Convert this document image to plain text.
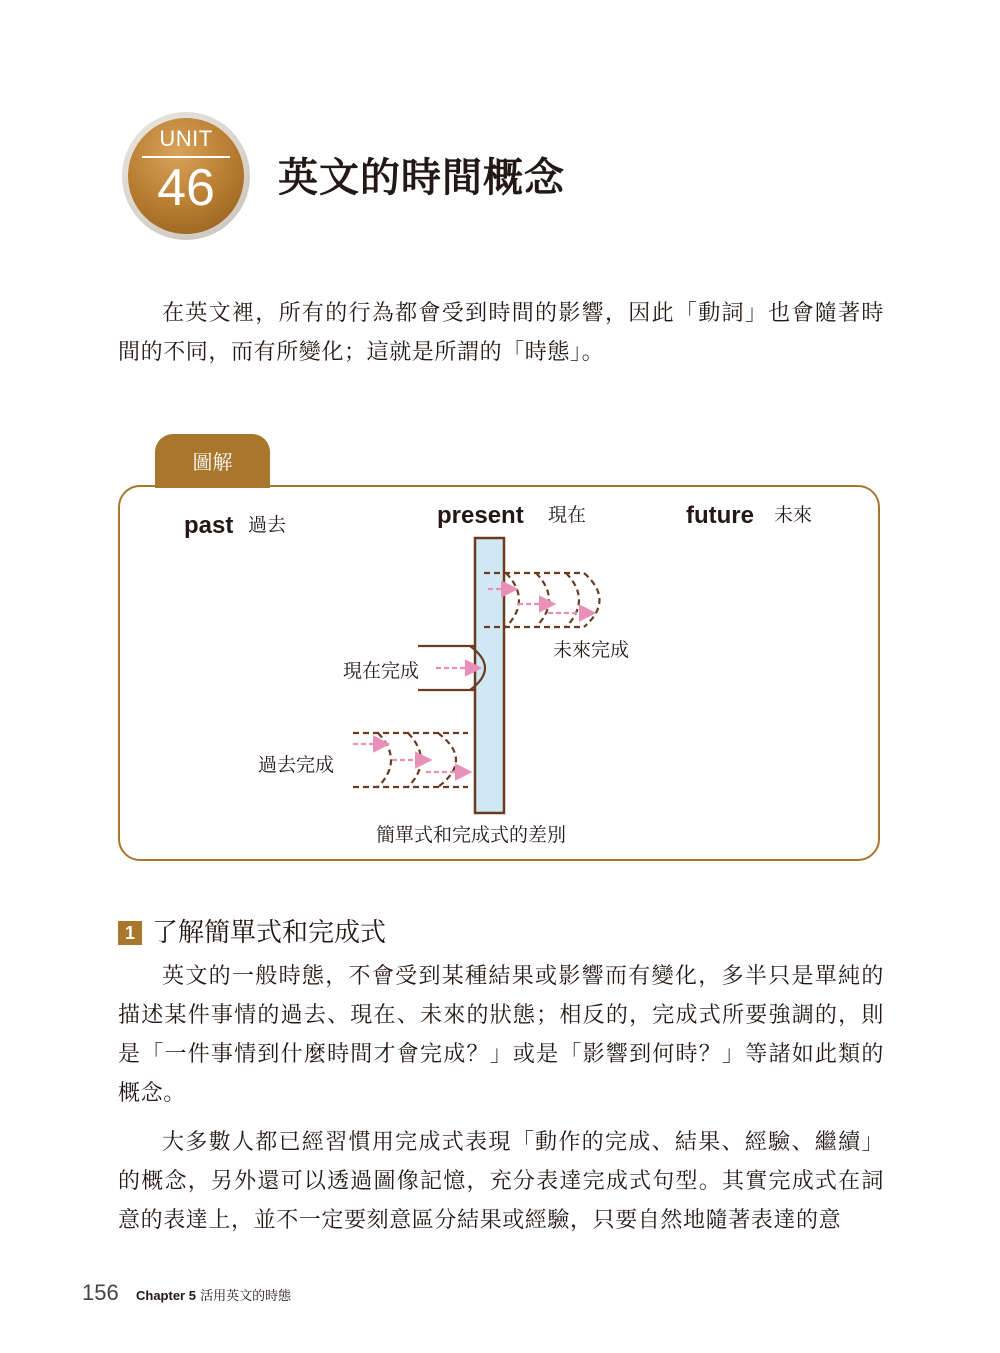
UNIT
46	英文的時間概念
在英文裡，所有的行為都會受到時間的影響，因此「動詞」也會隨著時間的不同，而有所變化；這就是所謂的「時態」。
圖解
past 過去	present 現在	future 未來
未來完成
現在完成
過去完成
簡單式和完成式的差別
1 了解簡單式和完成式
英文的一般時態，不會受到某種結果或影響而有變化，多半只是單純的描述某件事情的過去、現在、未來的狀態；相反的，完成式所要強調的，則是「一件事情到什麼時間才會完成？」或是「影響到何時？」等諸如此類的概念。
大多數人都已經習慣用完成式表現「動作的完成、結果、經驗、繼續」的概念，另外還可以透過圖像記憶，充分表達完成式句型。其實完成式在詞意的表達上，並不一定要刻意區分結果或經驗，只要自然地隨著表達的意
156 Chapter 5 活用英文的時態
